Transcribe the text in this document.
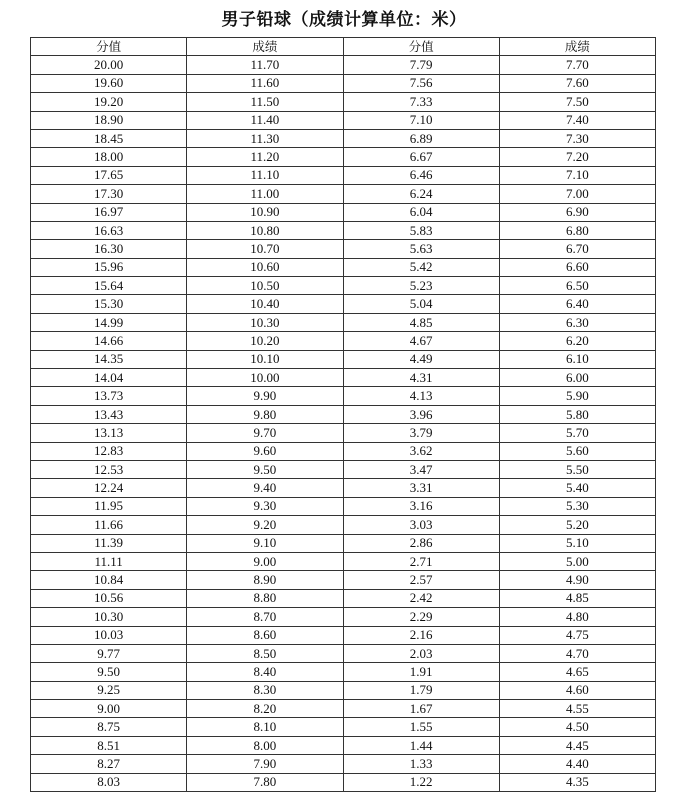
男子铅球（成绩计算单位：米）
分值	成绩	分值	成绩
20.00	11.70	7.79	7.70
19.60	11.60	7.56	7.60
19.20	11.50	7.33	7.50
18.90	11.40	7.10	7.40
18.45	11.30	6.89	7.30
18.00	11.20	6.67	7.20
17.65	11.10	6.46	7.10
17.30	11.00	6.24	7.00
16.97	10.90	6.04	6.90
16.63	10.80	5.83	6.80
16.30	10.70	5.63	6.70
15.96	10.60	5.42	6.60
15.64	10.50	5.23	6.50
15.30	10.40	5.04	6.40
14.99	10.30	4.85	6.30
14.66	10.20	4.67	6.20
14.35	10.10	4.49	6.10
14.04	10.00	4.31	6.00
13.73	9.90	4.13	5.90
13.43	9.80	3.96	5.80
13.13	9.70	3.79	5.70
12.83	9.60	3.62	5.60
12.53	9.50	3.47	5.50
12.24	9.40	3.31	5.40
11.95	9.30	3.16	5.30
11.66	9.20	3.03	5.20
11.39	9.10	2.86	5.10
11.11	9.00	2.71	5.00
10.84	8.90	2.57	4.90
10.56	8.80	2.42	4.85
10.30	8.70	2.29	4.80
10.03	8.60	2.16	4.75
9.77	8.50	2.03	4.70
9.50	8.40	1.91	4.65
9.25	8.30	1.79	4.60
9.00	8.20	1.67	4.55
8.75	8.10	1.55	4.50
8.51	8.00	1.44	4.45
8.27	7.90	1.33	4.40
8.03	7.80	1.22	4.35
